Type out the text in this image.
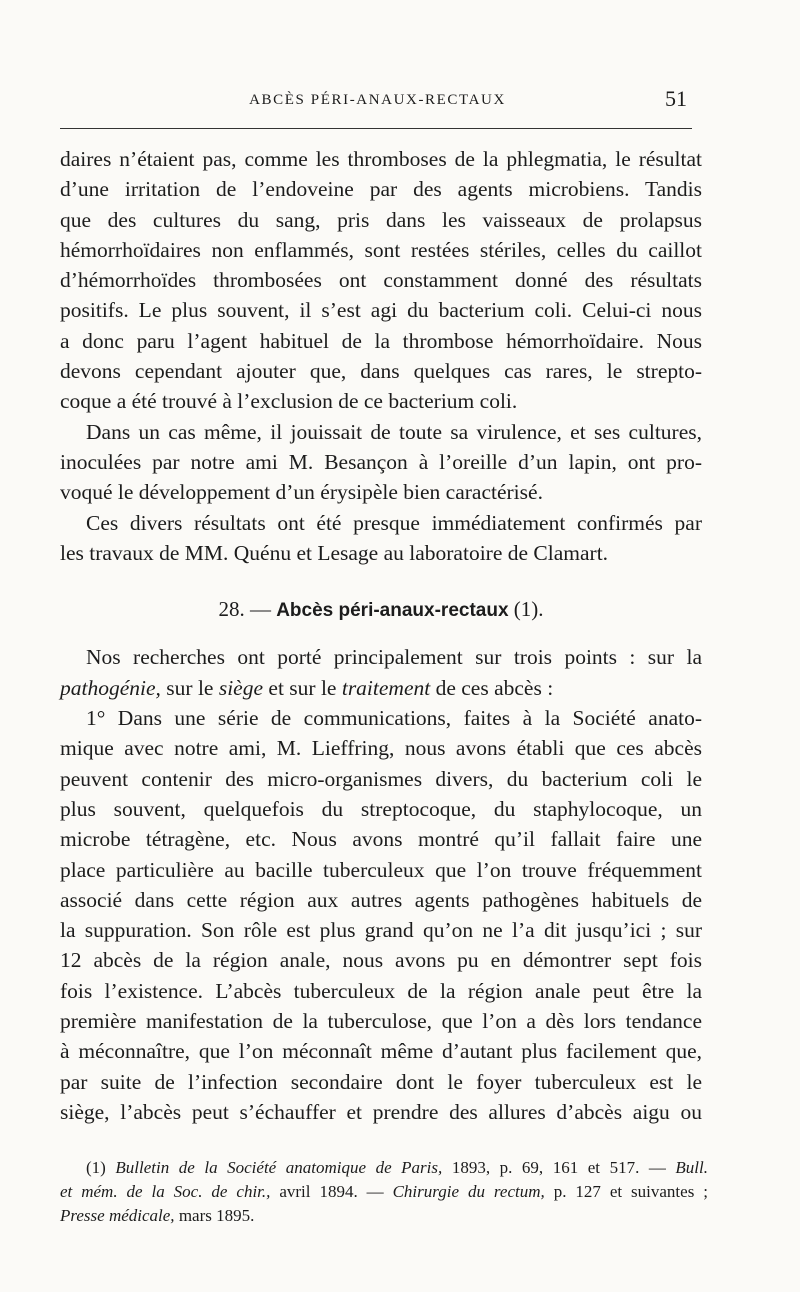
ABCÈS PÉRI-ANAUX-RECTAUX	51

daires n’étaient pas, comme les thromboses de la phlegmatia, le résultat
d’une irritation de l’endoveine par des agents microbiens. Tandis
que des cultures du sang, pris dans les vaisseaux de prolapsus
hémorrhoïdaires non enflammés, sont restées stériles, celles du caillot
d’hémorrhoïdes thrombosées ont constamment donné des résultats
positifs. Le plus souvent, il s’est agi du bacterium coli. Celui-ci nous
a donc paru l’agent habituel de la thrombose hémorrhoïdaire. Nous
devons cependant ajouter que, dans quelques cas rares, le strepto-
coque a été trouvé à l’exclusion de ce bacterium coli.

Dans un cas même, il jouissait de toute sa virulence, et ses cultures,
inoculées par notre ami M. Besançon à l’oreille d’un lapin, ont pro-
voqué le développement d’un érysipèle bien caractérisé.

Ces divers résultats ont été presque immédiatement confirmés par
les travaux de MM. Quénu et Lesage au laboratoire de Clamart.

28. — Abcès péri-anaux-rectaux (1).

Nos recherches ont porté principalement sur trois points : sur la
pathogénie, sur le siège et sur le traitement de ces abcès :

1° Dans une série de communications, faites à la Société anato-
mique avec notre ami, M. Lieffring, nous avons établi que ces abcès
peuvent contenir des micro-organismes divers, du bacterium coli le
plus souvent, quelquefois du streptocoque, du staphylocoque, un
microbe tétragène, etc. Nous avons montré qu’il fallait faire une
place particulière au bacille tuberculeux que l’on trouve fréquemment
associé dans cette région aux autres agents pathogènes habituels de
la suppuration. Son rôle est plus grand qu’on ne l’a dit jusqu’ici ; sur
12 abcès de la région anale, nous avons pu en démontrer sept fois
fois l’existence. L’abcès tuberculeux de la région anale peut être la
première manifestation de la tuberculose, que l’on a dès lors tendance
à méconnaître, que l’on méconnaît même d’autant plus facilement que,
par suite de l’infection secondaire dont le foyer tuberculeux est le
siège, l’abcès peut s’échauffer et prendre des allures d’abcès aigu ou

(1) Bulletin de la Société anatomique de Paris, 1893, p. 69, 161 et 517. — Bull.
et mém. de la Soc. de chir., avril 1894. — Chirurgie du rectum, p. 127 et suivantes ;
Presse médicale, mars 1895.
